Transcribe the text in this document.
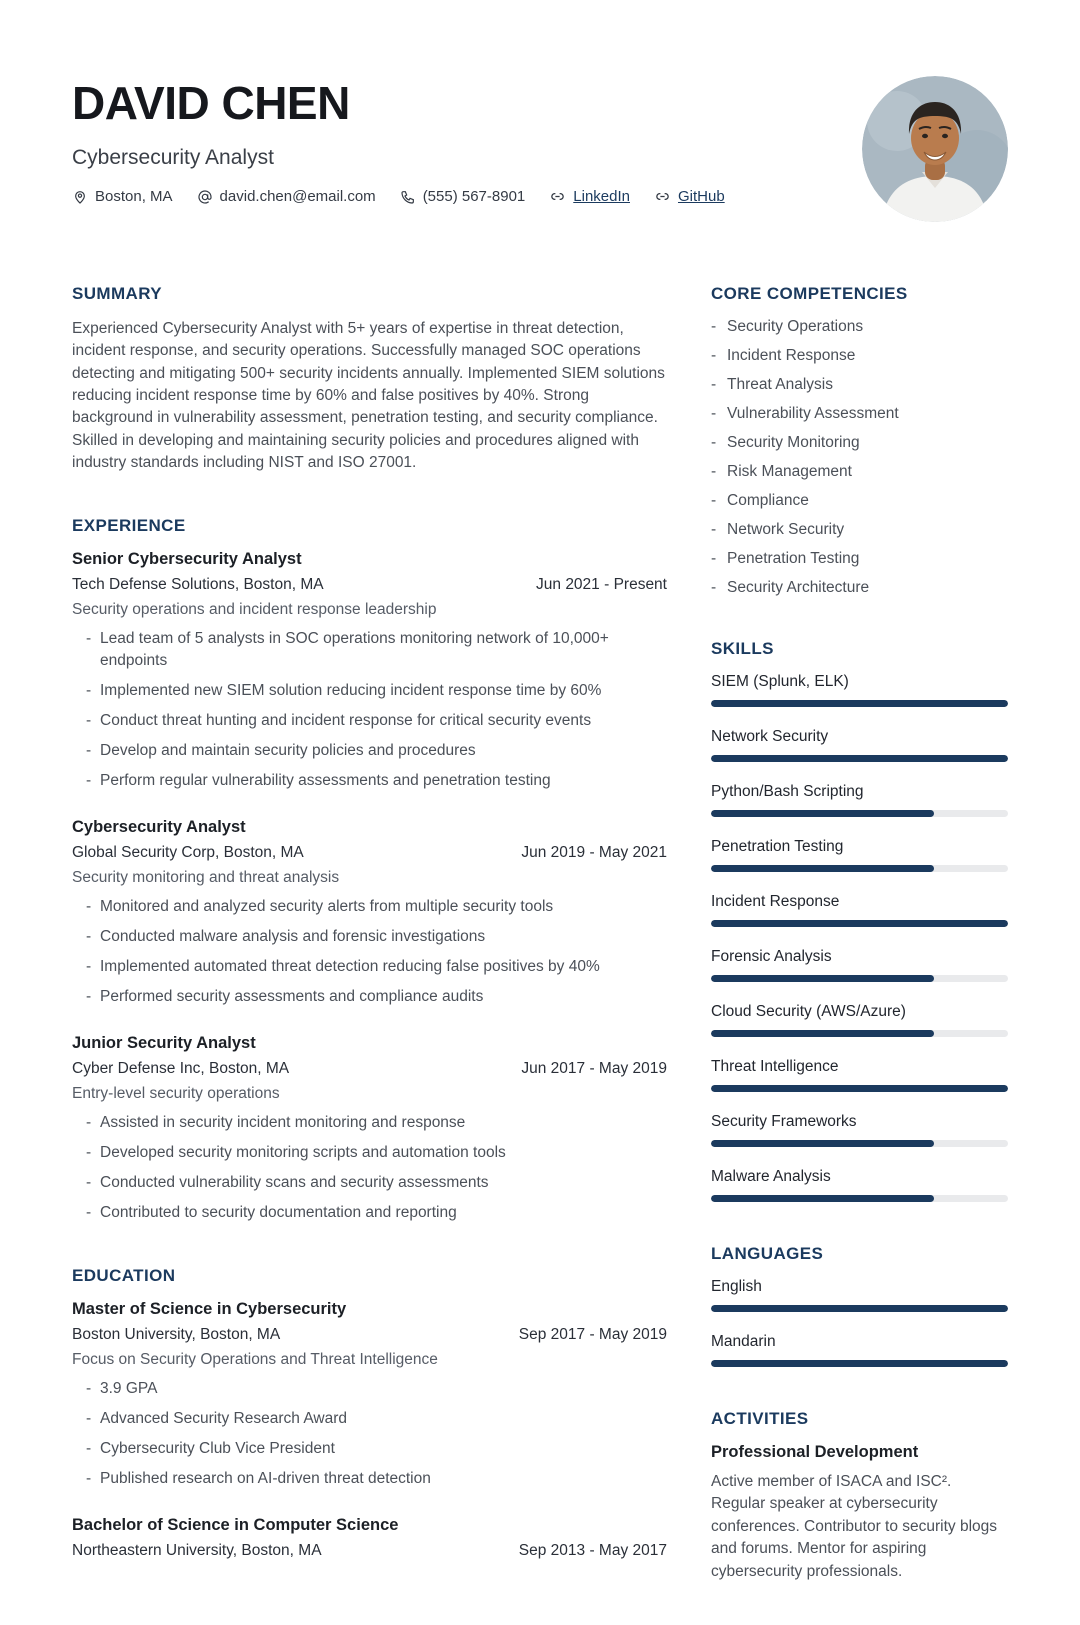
DAVID CHEN
Cybersecurity Analyst
Boston, MA	david.chen@email.com	(555) 567-8901	LinkedIn	GitHub
SUMMARY
Experienced Cybersecurity Analyst with 5+ years of expertise in threat detection, incident response, and security operations. Successfully managed SOC operations detecting and mitigating 500+ security incidents annually. Implemented SIEM solutions reducing incident response time by 60% and false positives by 40%. Strong background in vulnerability assessment, penetration testing, and security compliance. Skilled in developing and maintaining security policies and procedures aligned with industry standards including NIST and ISO 27001.
EXPERIENCE
Senior Cybersecurity Analyst
Tech Defense Solutions, Boston, MA	Jun 2021 - Present
Security operations and incident response leadership
- Lead team of 5 analysts in SOC operations monitoring network of 10,000+ endpoints
- Implemented new SIEM solution reducing incident response time by 60%
- Conduct threat hunting and incident response for critical security events
- Develop and maintain security policies and procedures
- Perform regular vulnerability assessments and penetration testing
Cybersecurity Analyst
Global Security Corp, Boston, MA	Jun 2019 - May 2021
Security monitoring and threat analysis
- Monitored and analyzed security alerts from multiple security tools
- Conducted malware analysis and forensic investigations
- Implemented automated threat detection reducing false positives by 40%
- Performed security assessments and compliance audits
Junior Security Analyst
Cyber Defense Inc, Boston, MA	Jun 2017 - May 2019
Entry-level security operations
- Assisted in security incident monitoring and response
- Developed security monitoring scripts and automation tools
- Conducted vulnerability scans and security assessments
- Contributed to security documentation and reporting
EDUCATION
Master of Science in Cybersecurity
Boston University, Boston, MA	Sep 2017 - May 2019
Focus on Security Operations and Threat Intelligence
- 3.9 GPA
- Advanced Security Research Award
- Cybersecurity Club Vice President
- Published research on AI-driven threat detection
Bachelor of Science in Computer Science
Northeastern University, Boston, MA	Sep 2013 - May 2017
CORE COMPETENCIES
- Security Operations
- Incident Response
- Threat Analysis
- Vulnerability Assessment
- Security Monitoring
- Risk Management
- Compliance
- Network Security
- Penetration Testing
- Security Architecture
SKILLS
SIEM (Splunk, ELK)
Network Security
Python/Bash Scripting
Penetration Testing
Incident Response
Forensic Analysis
Cloud Security (AWS/Azure)
Threat Intelligence
Security Frameworks
Malware Analysis
LANGUAGES
English
Mandarin
ACTIVITIES
Professional Development
Active member of ISACA and ISC². Regular speaker at cybersecurity conferences. Contributor to security blogs and forums. Mentor for aspiring cybersecurity professionals.
